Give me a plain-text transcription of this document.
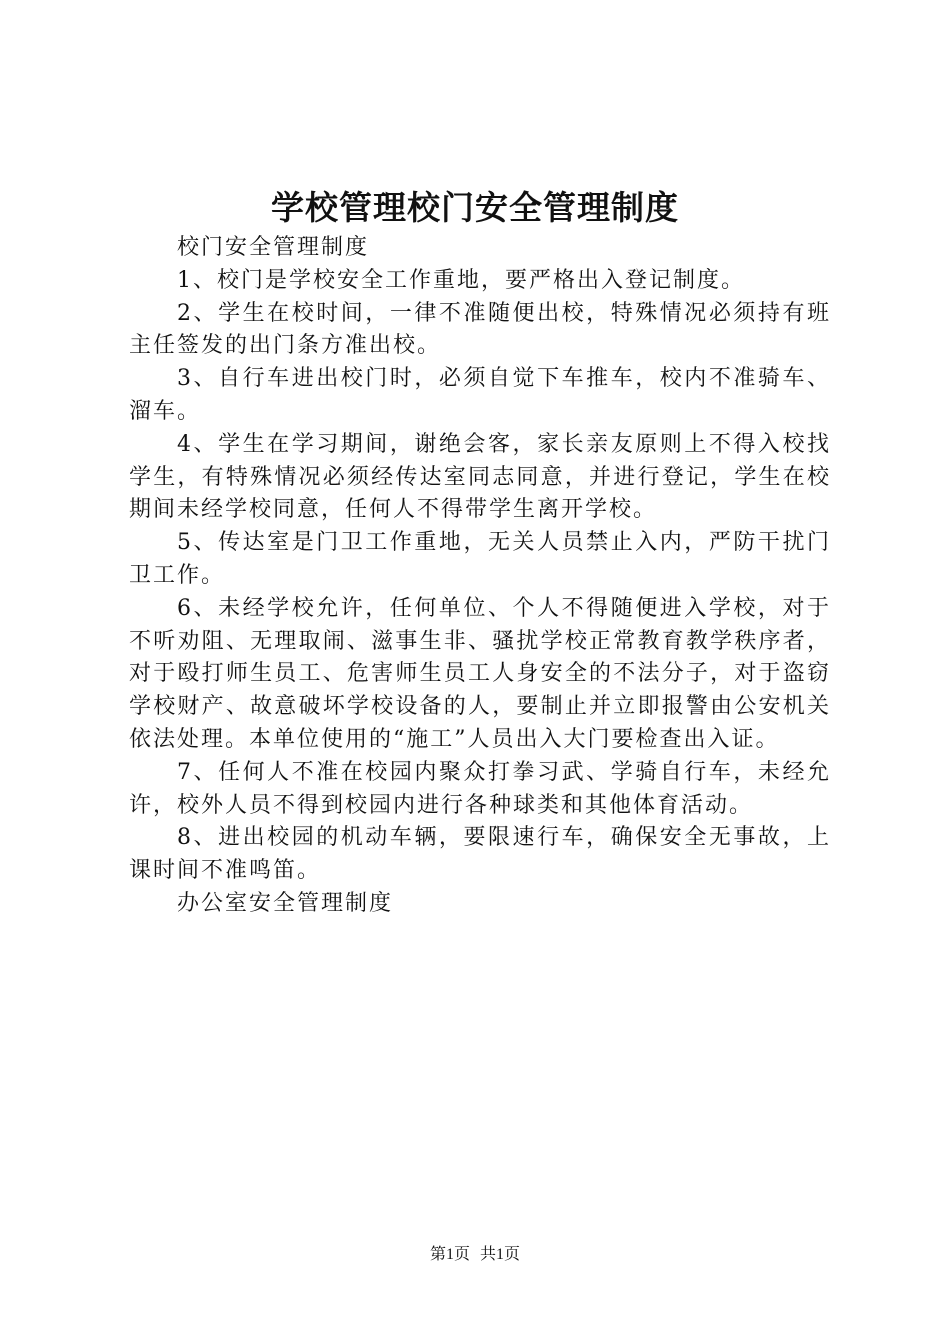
学校管理校门安全管理制度

校门安全管理制度

1、校门是学校安全工作重地，要严格出入登记制度。

2、学生在校时间，一律不准随便出校，特殊情况必须持有班主任签发的出门条方准出校。

3、自行车进出校门时，必须自觉下车推车，校内不准骑车、溜车。

4、学生在学习期间，谢绝会客，家长亲友原则上不得入校找学生，有特殊情况必须经传达室同志同意，并进行登记，学生在校期间未经学校同意，任何人不得带学生离开学校。

5、传达室是门卫工作重地，无关人员禁止入内，严防干扰门卫工作。

6、未经学校允许，任何单位、个人不得随便进入学校，对于不听劝阻、无理取闹、滋事生非、骚扰学校正常教育教学秩序者，对于殴打师生员工、危害师生员工人身安全的不法分子，对于盗窃学校财产、故意破坏学校设备的人，要制止并立即报警由公安机关依法处理。本单位使用的“施工”人员出入大门要检查出入证。

7、任何人不准在校园内聚众打拳习武、学骑自行车，未经允许，校外人员不得到校园内进行各种球类和其他体育活动。

8、进出校园的机动车辆，要限速行车，确保安全无事故，上课时间不准鸣笛。

办公室安全管理制度

第1页 共1页
